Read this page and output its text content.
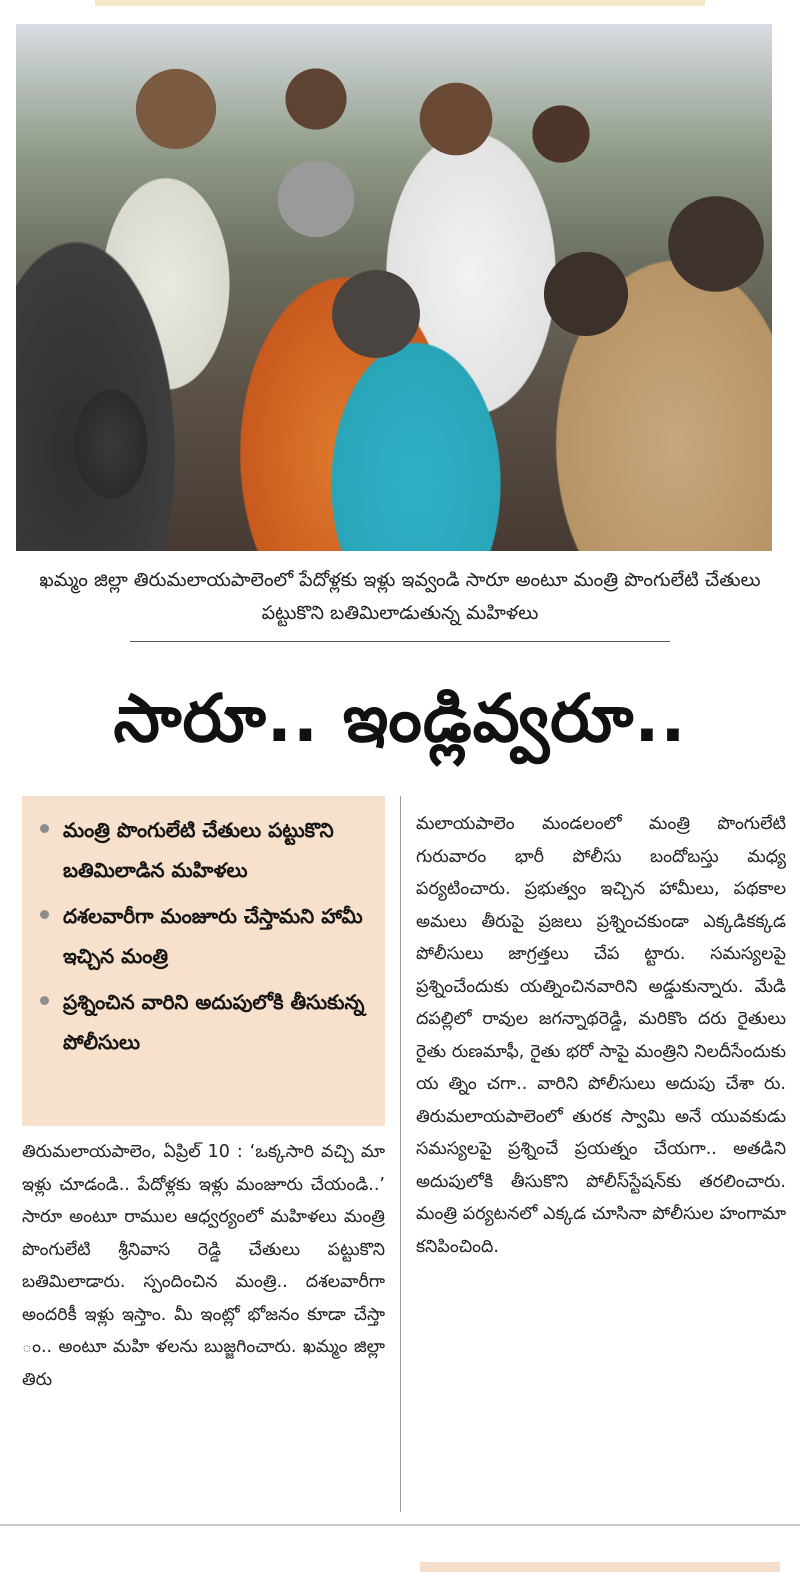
ఖమ్మం జిల్లా తిరుమలాయపాలెంలో పేదోళ్లకు ఇళ్లు ఇవ్వండి సారూ అంటూ మంత్రి పొంగులేటి చేతులు పట్టుకొని బతిమిలాడుతున్న మహిళలు
సారూ.. ఇండ్లివ్వరూ..
మంత్రి పొంగులేటి చేతులు పట్టుకొని బతిమిలాడిన మహిళలు
దశలవారీగా మంజూరు చేస్తామని హామీ ఇచ్చిన మంత్రి
ప్రశ్నించిన వారిని అదుపులోకి తీసుకున్న పోలీసులు
తిరుమలాయపాలెం, ఏప్రిల్ 10 : ‘ఒక్కసారి వచ్చి మా ఇళ్లు చూడండి.. పేదోళ్లకు ఇళ్లు మంజూరు చేయండి..’ సారూ అంటూ రాముల ఆధ్వర్యంలో మహిళలు మంత్రి పొంగులేటి శ్రీనివాస రెడ్డి చేతులు పట్టుకొని బతిమిలాడారు. స్పందించిన మంత్రి.. దశలవారీగా అందరికీ ఇళ్లు ఇస్తాం. మీ ఇంట్లో భోజనం కూడా చేస్తా ం.. అంటూ మహి ళలను బుజ్జగించారు. ఖమ్మం జిల్లా తిరు
మలాయపాలెం మండలంలో మంత్రి పొంగులేటి గురువారం భారీ పోలీసు బందోబస్తు మధ్య పర్యటించారు. ప్రభుత్వం ఇచ్చిన హామీలు, పథకాల అమలు తీరుపై ప్రజలు ప్రశ్నించకుండా ఎక్కడికక్కడ పోలీసులు జాగ్రత్తలు చేప ట్టారు. సమస్యలపై ప్రశ్నించేందుకు యత్నించినవారిని అడ్డుకున్నారు. మేడి దపల్లిలో రావుల జగన్నాథరెడ్డి, మరికొం దరు రైతులు రైతు రుణమాఫీ, రైతు భరో సాపై మంత్రిని నిలదీసేందుకు య త్నిం చగా.. వారిని పోలీసులు అదుపు చేశా రు. తిరుమలాయపాలెంలో తురక స్వామి అనే యువకుడు సమస్యలపై ప్రశ్నించే ప్రయత్నం చేయగా.. అతడిని అదుపులోకి తీసుకొని పోలీస్‌స్టేషన్‌కు తరలించారు. మంత్రి పర్యటనలో ఎక్కడ చూసినా పోలీసుల హంగామా కనిపించింది.
